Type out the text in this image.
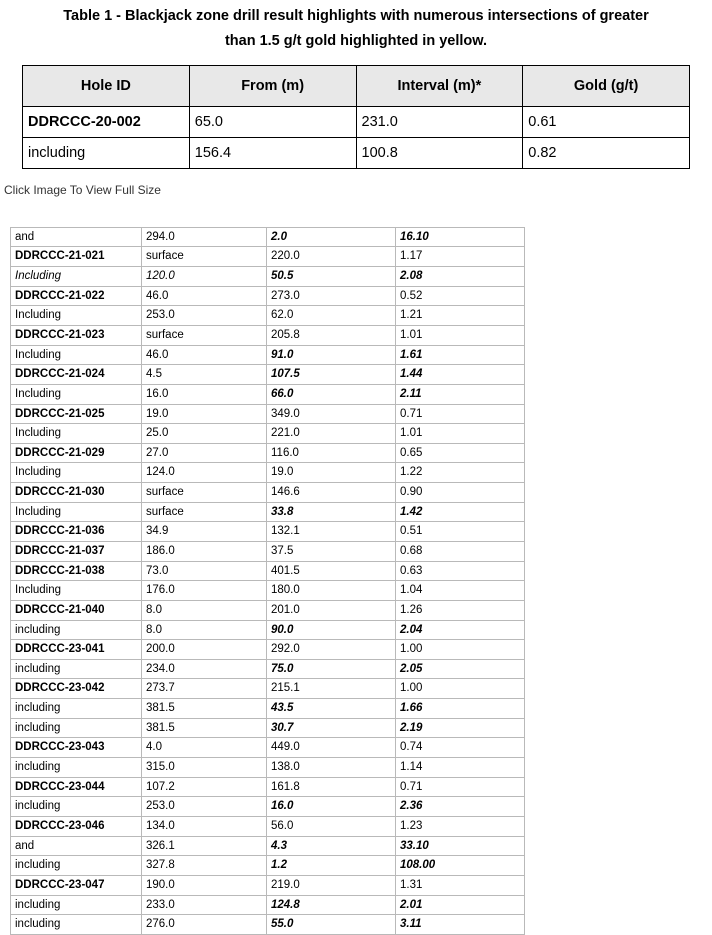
Table 1 - Blackjack zone drill result highlights with numerous intersections of greater
than 1.5 g/t gold highlighted in yellow.
Hole ID	From (m)	Interval (m)*	Gold (g/t)
DDRCCC-20-002	65.0	231.0	0.61
including	156.4	100.8	0.82
Click Image To View Full Size
and	294.0	2.0	16.10
DDRCCC-21-021	surface	220.0	1.17
Including	120.0	50.5	2.08
DDRCCC-21-022	46.0	273.0	0.52
Including	253.0	62.0	1.21
DDRCCC-21-023	surface	205.8	1.01
Including	46.0	91.0	1.61
DDRCCC-21-024	4.5	107.5	1.44
Including	16.0	66.0	2.11
DDRCCC-21-025	19.0	349.0	0.71
Including	25.0	221.0	1.01
DDRCCC-21-029	27.0	116.0	0.65
Including	124.0	19.0	1.22
DDRCCC-21-030	surface	146.6	0.90
Including	surface	33.8	1.42
DDRCCC-21-036	34.9	132.1	0.51
DDRCCC-21-037	186.0	37.5	0.68
DDRCCC-21-038	73.0	401.5	0.63
Including	176.0	180.0	1.04
DDRCCC-21-040	8.0	201.0	1.26
including	8.0	90.0	2.04
DDRCCC-23-041	200.0	292.0	1.00
including	234.0	75.0	2.05
DDRCCC-23-042	273.7	215.1	1.00
including	381.5	43.5	1.66
including	381.5	30.7	2.19
DDRCCC-23-043	4.0	449.0	0.74
including	315.0	138.0	1.14
DDRCCC-23-044	107.2	161.8	0.71
including	253.0	16.0	2.36
DDRCCC-23-046	134.0	56.0	1.23
and	326.1	4.3	33.10
including	327.8	1.2	108.00
DDRCCC-23-047	190.0	219.0	1.31
including	233.0	124.8	2.01
including	276.0	55.0	3.11
